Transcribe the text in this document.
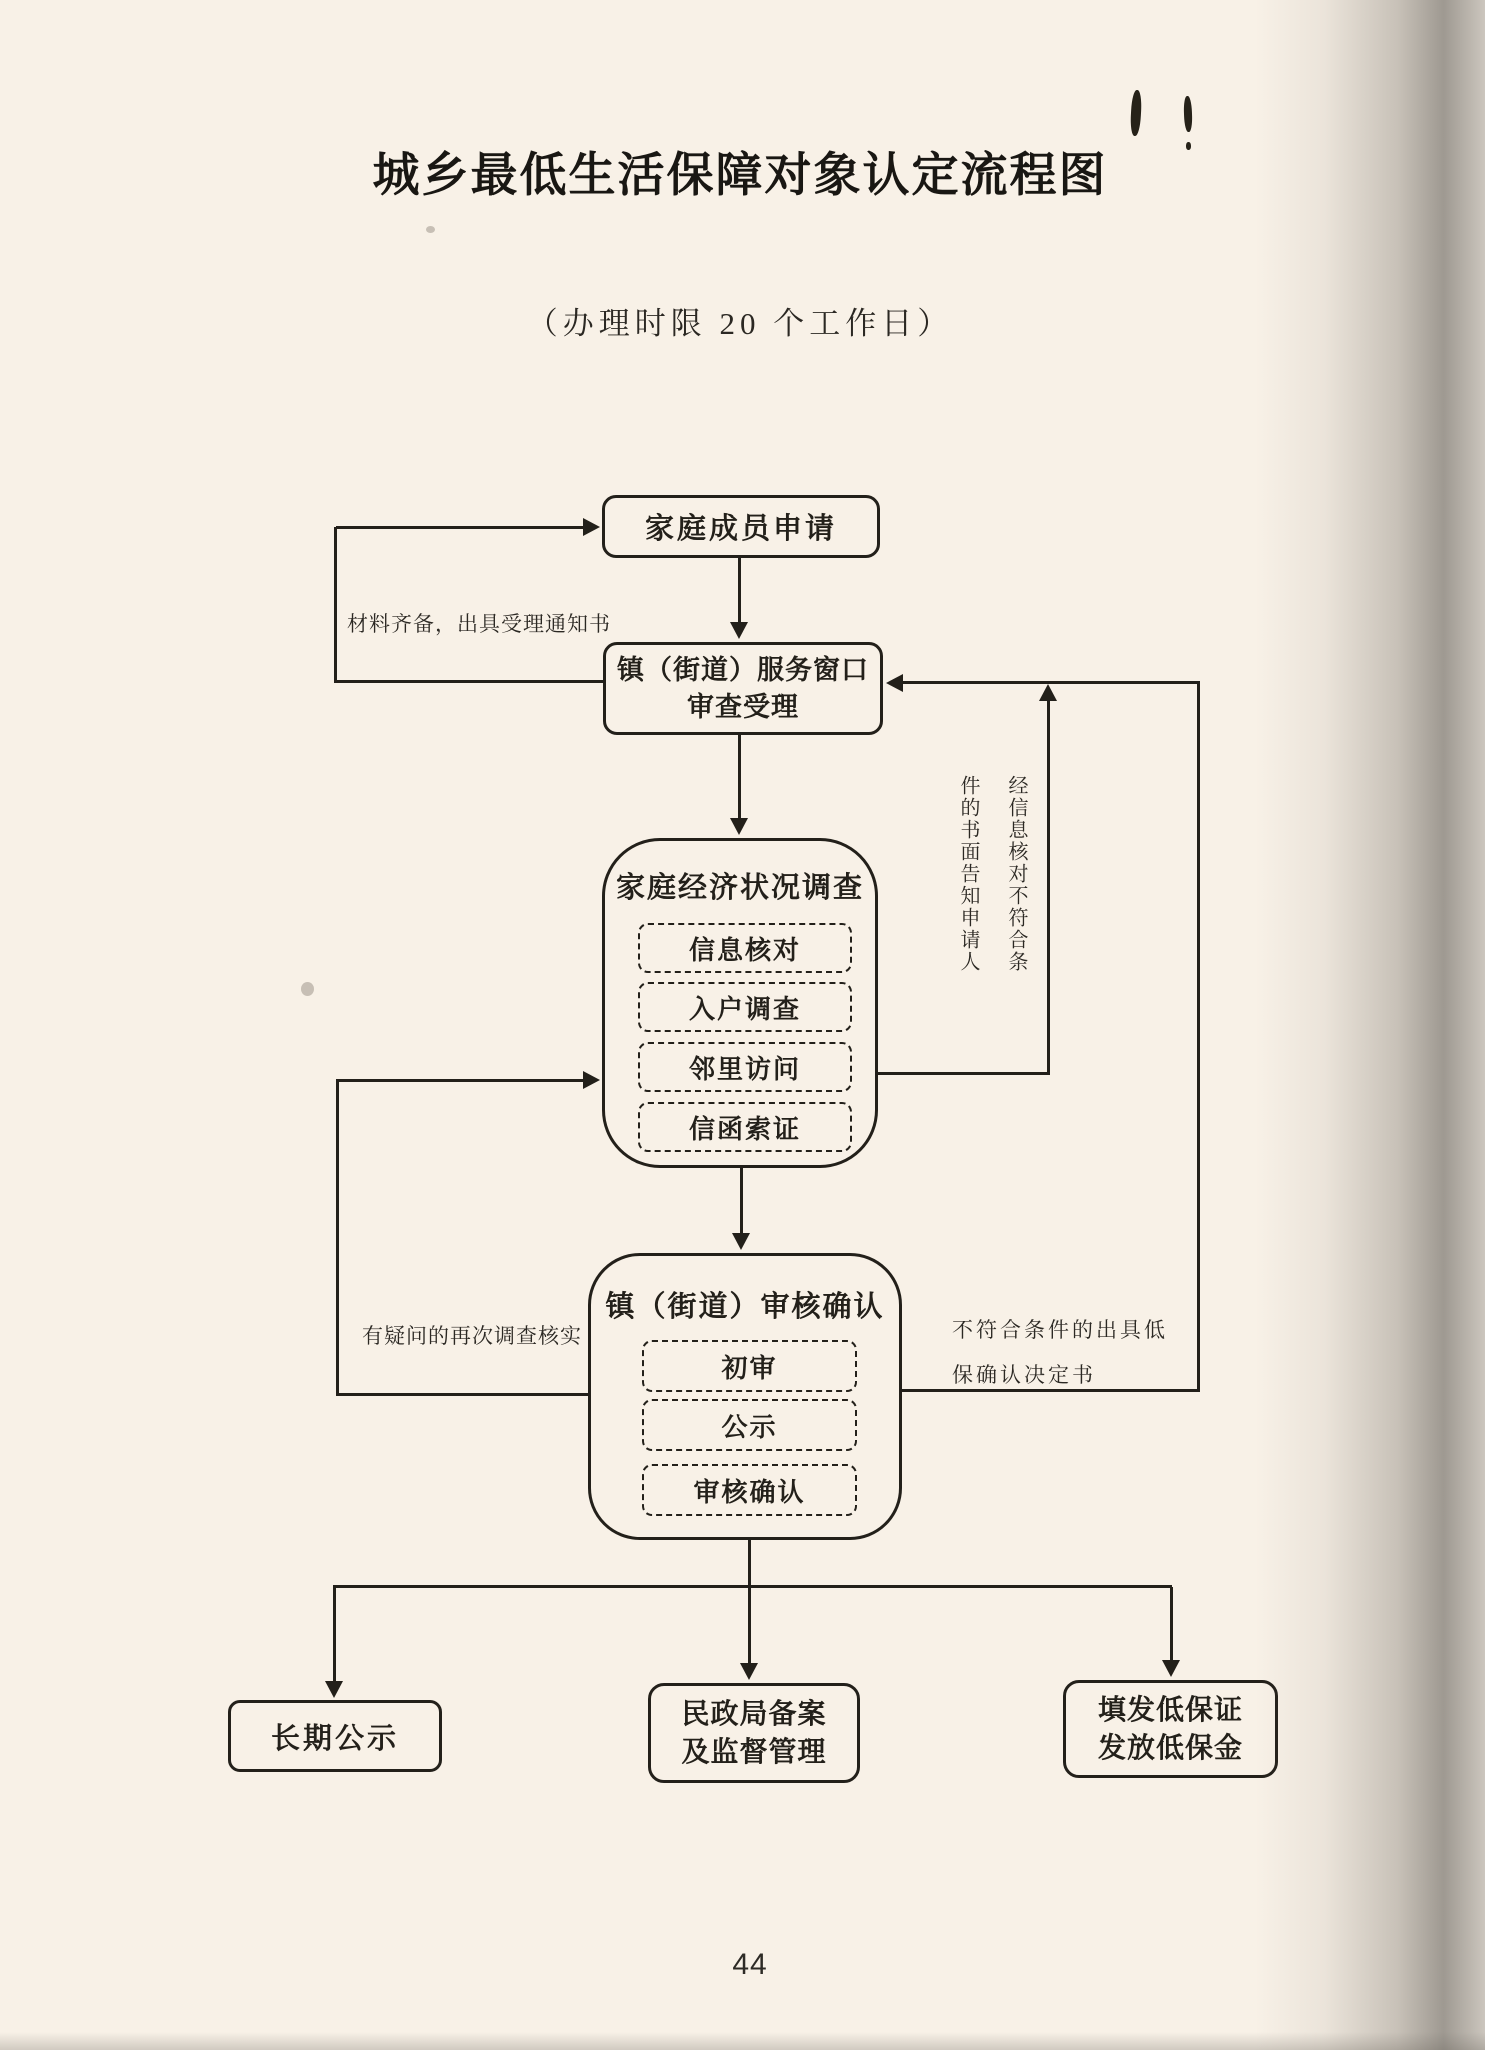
城乡最低生活保障对象认定流程图
（办理时限 20 个工作日）
家庭成员申请
镇（街道）服务窗口
审查受理
家庭经济状况调查
信息核对
入户调查
邻里访问
信函索证
镇（街道）审核确认
初审
公示
审核确认
长期公示
民政局备案
及监督管理
填发低保证
发放低保金
材料齐备，出具受理通知书
有疑问的再次调查核实
经信息核对不符合条
件的书面告知申请人
不符合条件的出具低
保确认决定书
44
